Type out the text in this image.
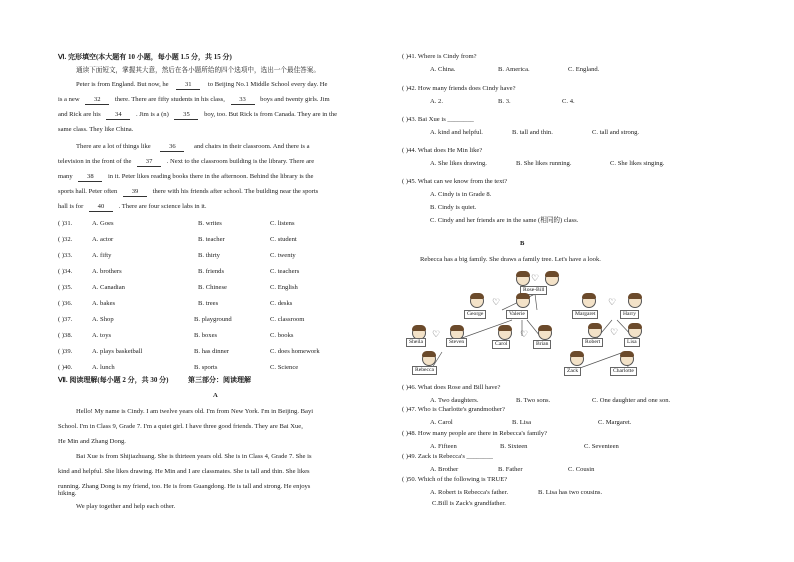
Ⅵ. 完形填空(本大题有 10 小题，每小题 1.5 分，共 15 分)
通读下面短文，掌握其大意，然后在各小题所给的四个选项中，选出一个最佳答案。
Peter is from England. But now, he 31 to Beijing No.1 Middle School every day. He
is a new 32 there. There are fifty students in his class, 33 boys and twenty girls. Jim
and Rick are his 34 . Jim is a (n) 35 boy, too. But Rick is from Canada. They are in the
same class. They like China.
There are a lot of things like	36	and chairs in their classroom. And there is a
television in the front of the 37 . Next to the classroom building is the library. There are
many 38 in it. Peter likes reading books there in the afternoon. Behind the library is the
sports hall. Peter often 39 there with his friends after school. The building near the sports
hall is for 40 . There are four science labs in it.
( )31.	A. Goes	B. writes	C. listens
( )32.	A. actor	B. teacher	C. student
( )33.	A. fifty	B. thirty	C. twenty
( )34.	A. brothers	B. friends	C. teachers
( )35.	A. Canadian	B. Chinese	C. English
( )36.	A. bakes	B. trees	C. desks
( )37.	A. Shop	B. playground	C. classroom
( )38.	A. toys	B. boxes	C. books
( )39.	A. plays basketball	B. has dinner	C. does homework
( )40.	A. lunch	B. sports	C. Science
Ⅶ. 阅读理解(每小题 2 分，共 30 分)	第三部分：阅读理解
A
Hello! My name is Cindy. I am twelve years old. I'm from New York. I'm in Beijing. Bayi
School. I'm in Class 9, Grade 7. I'm a quiet girl. I have three good friends. They are Bai Xue,
He Min and Zhang Dong.
Bai Xue is from Shijiazhuang. She is thirteen years old. She is in Class 4, Grade 7. She is
kind and helpful. She likes drawing. He Min and I are classmates. She is tall and thin. She likes
running. Zhang Dong is my friend, too. He is from Guangdong. He is tall and strong. He enjoys
hiking.
We play together and help each other.
( )41. Where is Cindy from?
A. China.	B. America.	C. England.
( )42. How many friends does Cindy have?
A. 2.	B. 3.	C. 4.
( )43. Bai Xue is ________
A. kind and helpful.	B. tall and thin.	C. tall and strong.
( )44. What does He Min like?
A. She likes drawing.	B. She likes running.	C. She likes singing.
( )45. What can we know from the text?
A. Cindy is in Grade 8.
B. Cindy is quiet.
C. Cindy and her friends are in the same (相同的) class.
B
Rebecca has a big family. She draws a family tree. Let's have a look.
♡
Rose-Bill
♡
George	Valerie
♡
Margaret	Harry
♡
Sheila	Steven
♡
Carol	Brian
♡
Robert	Lisa
Rebecca	Zack	Charlotte
( )46. What does Rose and Bill have?
A. Two daughters.	B. Two sons.	C. One daughter and one son.
( )47. Who is Charlotte's grandmother?
A. Carol	B. Lisa	C. Margaret.
( )48. How many people are there in Rebecca's family?
A. Fifteen	B. Sixteen	C. Seventeen
( )49. Zack is Rebecca's ________
A. Brother	B. Father	C. Cousin
( )50. Which of the following is TRUE?
A. Robert is Rebecca's father.	B. Lisa has two cousins.
C.Bill is Zack's grandfather.
